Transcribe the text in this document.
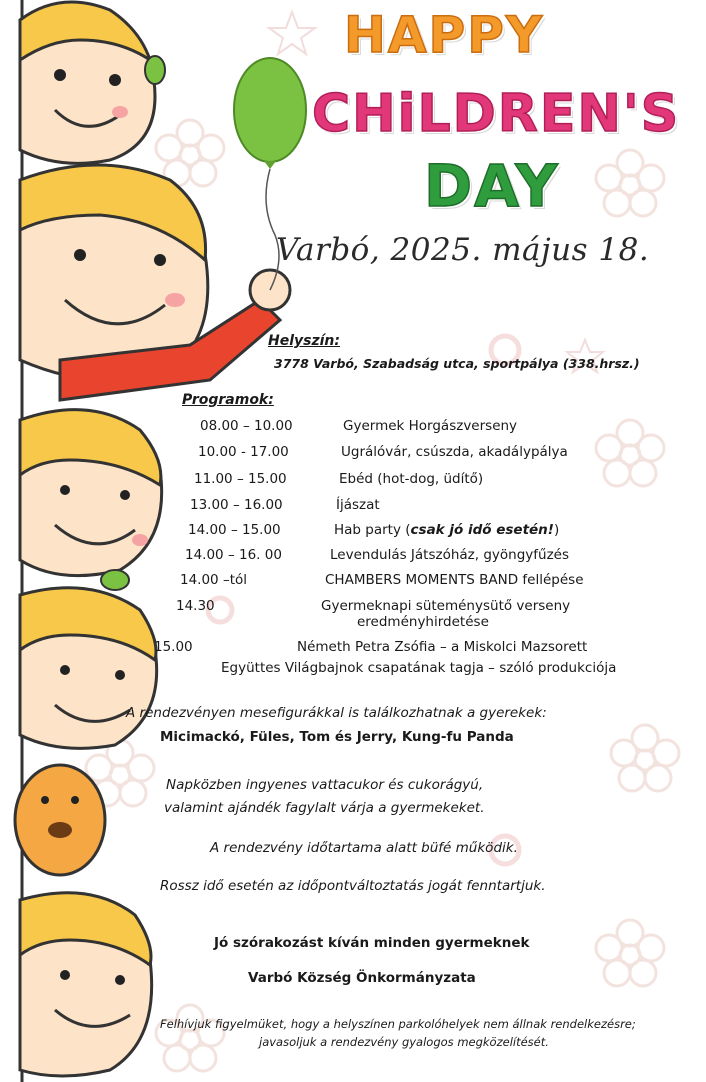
HAPPY
CHiLDREN'S
DAY
Varbó, 2025. május 18.
Helyszín:
3778 Varbó, Szabadság utca, sportpálya (338.hrsz.)
Programok:
08.00 – 10.00	Gyermek Horgászverseny
10.00 - 17.00	Ugrálóvár, csúszda, akadálypálya
11.00 – 15.00	Ebéd (hot-dog, üdítő)
13.00 – 16.00	Íjászat
14.00 – 15.00	Hab party (csak jó idő esetén!)
14.00 – 16. 00	Levendulás Játszóház, gyöngyfűzés
14.00 –tól	CHAMBERS MOMENTS BAND fellépése
14.30	Gyermeknapi süteménysütő verseny
eredményhirdetése
15.00	Németh Petra Zsófia – a Miskolci Mazsorett
Együttes Világbajnok csapatának tagja – szóló produkciója
A rendezvényen mesefigurákkal is találkozhatnak a gyerekek:
Micimackó, Füles, Tom és Jerry, Kung-fu Panda
Napközben ingyenes vattacukor és cukorágyú,
valamint ajándék fagylalt várja a gyermekeket.
A rendezvény időtartama alatt büfé működik.
Rossz idő esetén az időpontváltoztatás jogát fenntartjuk.
Jó szórakozást kíván minden gyermeknek
Varbó Község Önkormányzata
Felhívjuk figyelmüket, hogy a helyszínen parkolóhelyek nem állnak rendelkezésre;
javasoljuk a rendezvény gyalogos megközelítését.
